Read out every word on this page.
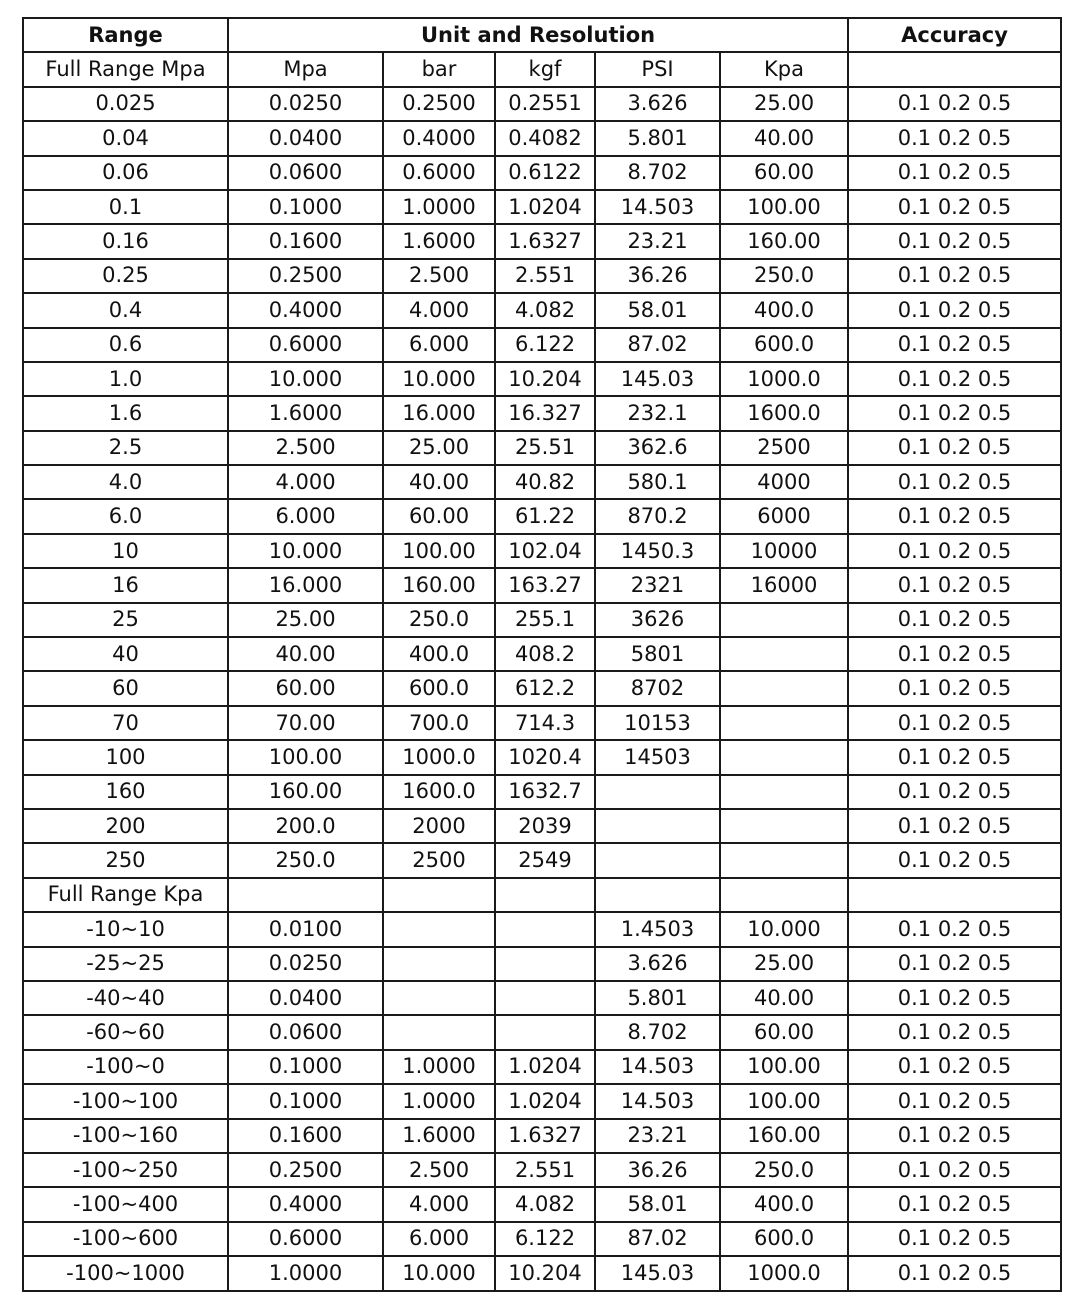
Range	Unit and Resolution					Accuracy
Full Range Mpa	Mpa	bar	kgf	PSI	Kpa	
0.025	0.0250	0.2500	0.2551	3.626	25.00	0.1 0.2 0.5
0.04	0.0400	0.4000	0.4082	5.801	40.00	0.1 0.2 0.5
0.06	0.0600	0.6000	0.6122	8.702	60.00	0.1 0.2 0.5
0.1	0.1000	1.0000	1.0204	14.503	100.00	0.1 0.2 0.5
0.16	0.1600	1.6000	1.6327	23.21	160.00	0.1 0.2 0.5
0.25	0.2500	2.500	2.551	36.26	250.0	0.1 0.2 0.5
0.4	0.4000	4.000	4.082	58.01	400.0	0.1 0.2 0.5
0.6	0.6000	6.000	6.122	87.02	600.0	0.1 0.2 0.5
1.0	10.000	10.000	10.204	145.03	1000.0	0.1 0.2 0.5
1.6	1.6000	16.000	16.327	232.1	1600.0	0.1 0.2 0.5
2.5	2.500	25.00	25.51	362.6	2500	0.1 0.2 0.5
4.0	4.000	40.00	40.82	580.1	4000	0.1 0.2 0.5
6.0	6.000	60.00	61.22	870.2	6000	0.1 0.2 0.5
10	10.000	100.00	102.04	1450.3	10000	0.1 0.2 0.5
16	16.000	160.00	163.27	2321	16000	0.1 0.2 0.5
25	25.00	250.0	255.1	3626		0.1 0.2 0.5
40	40.00	400.0	408.2	5801		0.1 0.2 0.5
60	60.00	600.0	612.2	8702		0.1 0.2 0.5
70	70.00	700.0	714.3	10153		0.1 0.2 0.5
100	100.00	1000.0	1020.4	14503		0.1 0.2 0.5
160	160.00	1600.0	1632.7			0.1 0.2 0.5
200	200.0	2000	2039			0.1 0.2 0.5
250	250.0	2500	2549			0.1 0.2 0.5
Full Range Kpa						
-10~10	0.0100			1.4503	10.000	0.1 0.2 0.5
-25~25	0.0250			3.626	25.00	0.1 0.2 0.5
-40~40	0.0400			5.801	40.00	0.1 0.2 0.5
-60~60	0.0600			8.702	60.00	0.1 0.2 0.5
-100~0	0.1000	1.0000	1.0204	14.503	100.00	0.1 0.2 0.5
-100~100	0.1000	1.0000	1.0204	14.503	100.00	0.1 0.2 0.5
-100~160	0.1600	1.6000	1.6327	23.21	160.00	0.1 0.2 0.5
-100~250	0.2500	2.500	2.551	36.26	250.0	0.1 0.2 0.5
-100~400	0.4000	4.000	4.082	58.01	400.0	0.1 0.2 0.5
-100~600	0.6000	6.000	6.122	87.02	600.0	0.1 0.2 0.5
-100~1000	1.0000	10.000	10.204	145.03	1000.0	0.1 0.2 0.5
